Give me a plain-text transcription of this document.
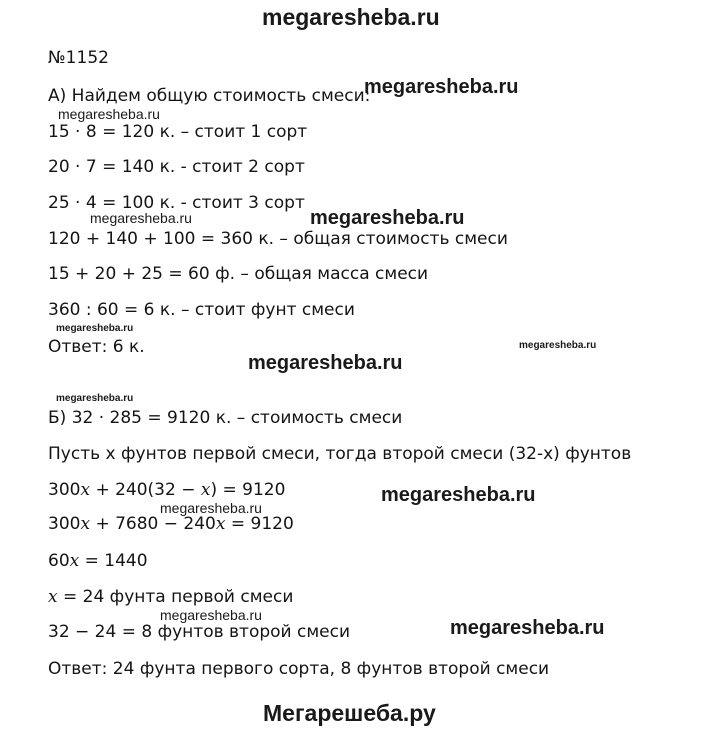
megaresheba.ru
№1152
А) Найдем общую стоимость смеси:
15 · 8 = 120 к. – стоит 1 сорт
20 · 7 = 140 к. - стоит 2 сорт
25 · 4 = 100 к. - стоит 3 сорт
120 + 140 + 100 = 360 к. – общая стоимость смеси
15 + 20 + 25 = 60 ф. – общая масса смеси
360 : 60 = 6 к. – стоит фунт смеси
Ответ: 6 к.
Б) 32 · 285 = 9120 к. – стоимость смеси
Пусть х фунтов первой смеси, тогда второй смеси (32-х) фунтов
300x + 240(32 − x) = 9120
300x + 7680 − 240x = 9120
60x = 1440
x = 24 фунта первой смеси
32 − 24 = 8 фунтов второй смеси
Ответ: 24 фунта первого сорта, 8 фунтов второй смеси
megaresheba.ru
megaresheba.ru
megaresheba.ru	megaresheba.ru
megaresheba.ru
megaresheba.ru
megaresheba.ru
megaresheba.ru
megaresheba.ru
megaresheba.ru
megaresheba.ru
megaresheba.ru
Мегарешеба.ру
